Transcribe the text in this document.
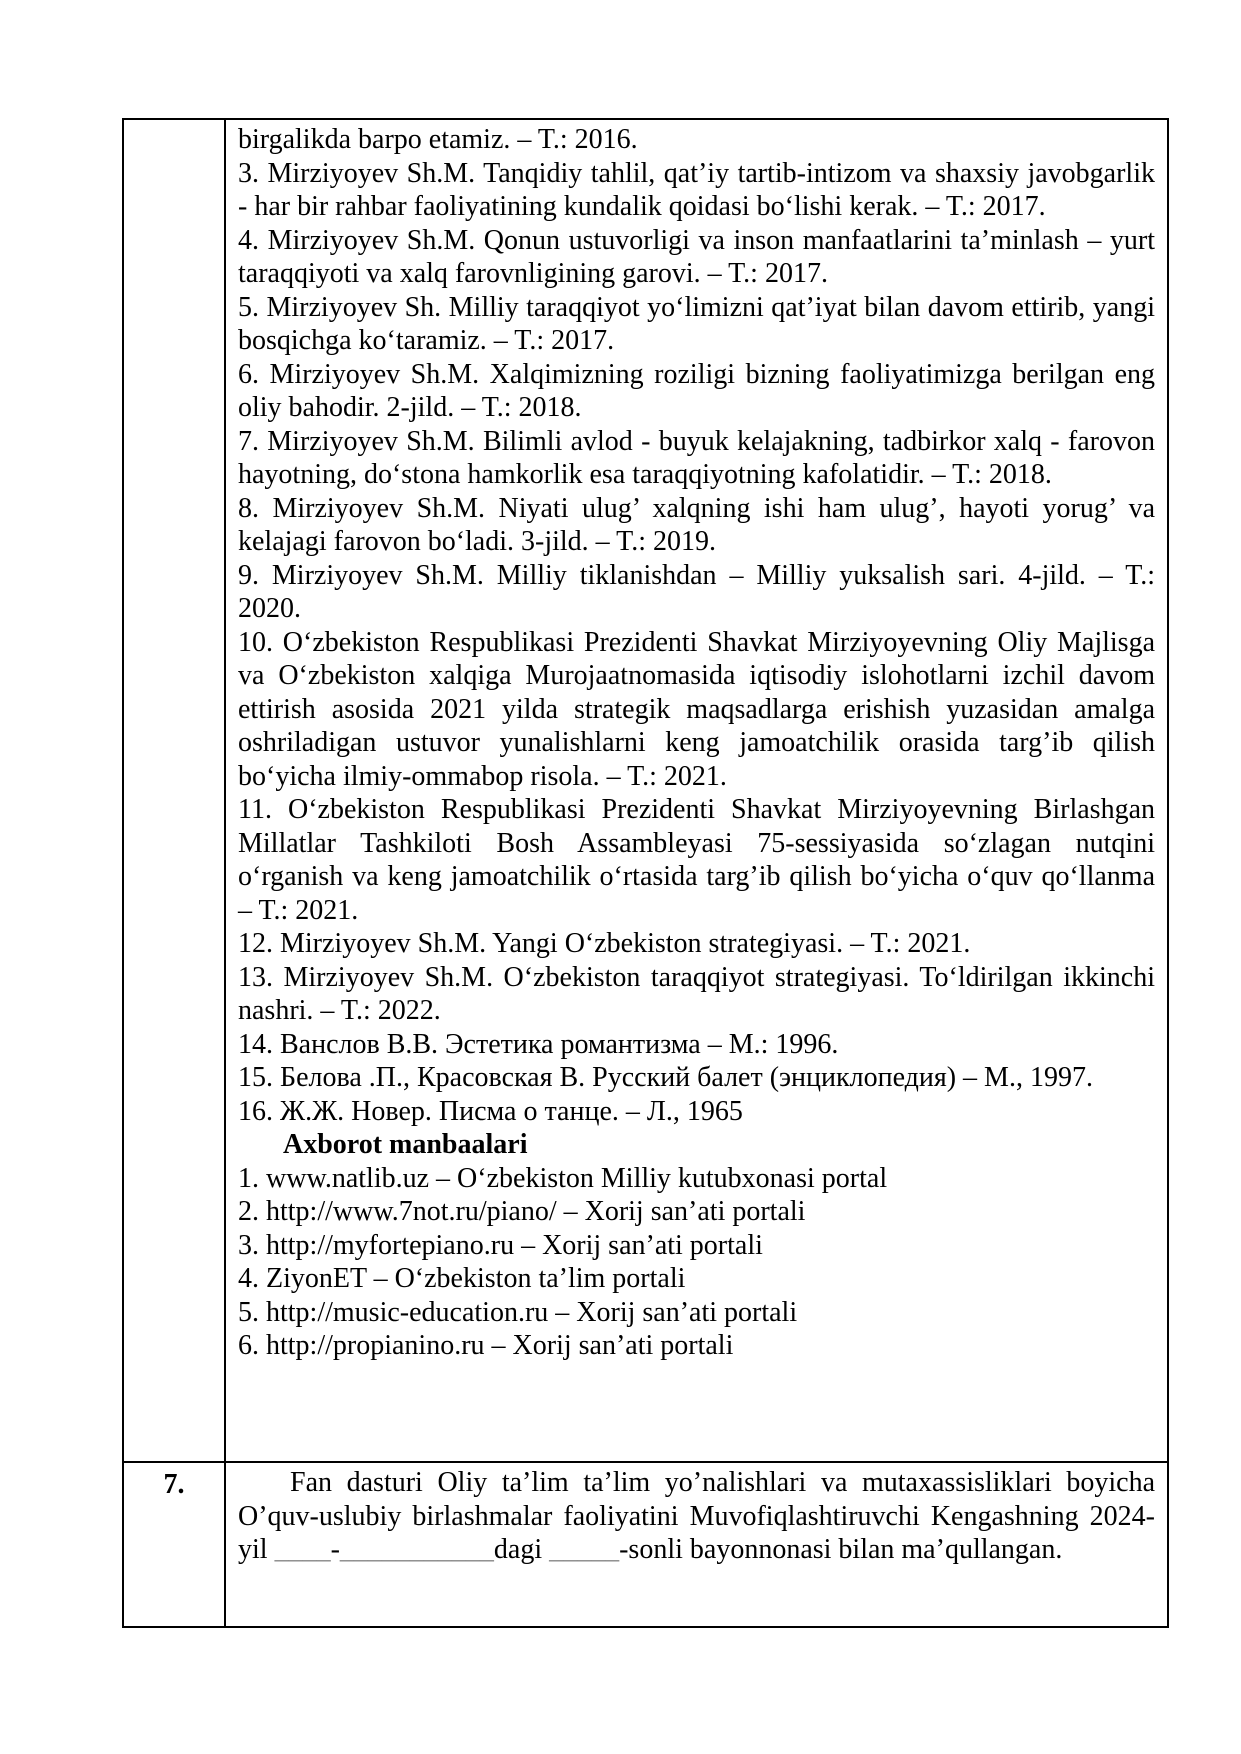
birgalikda barpo etamiz. – T.: 2016.

3. Mirziyoyev Sh.M. Tanqidiy tahlil, qat’iy tartib-intizom va shaxsiy javobgarlik - har bir rahbar faoliyatining kundalik qoidasi bo‘lishi kerak. – T.: 2017.

4. Mirziyoyev Sh.M. Qonun ustuvorligi va inson manfaatlarini ta’minlash – yurt taraqqiyoti va xalq farovnligining garovi. – T.: 2017.

5. Mirziyoyev Sh. Milliy taraqqiyot yo‘limizni qat’iyat bilan davom ettirib, yangi bosqichga ko‘taramiz. – T.: 2017.

6. Mirziyoyev Sh.M. Xalqimizning roziligi bizning faoliyatimizga berilgan eng oliy bahodir. 2-jild. – T.: 2018.

7. Mirziyoyev Sh.M. Bilimli avlod - buyuk kelajakning, tadbirkor xalq - farovon hayotning, do‘stona hamkorlik esa taraqqiyotning kafolatidir. – T.: 2018.

8. Mirziyoyev Sh.M. Niyati ulug’ xalqning ishi ham ulug’, hayoti yorug’ va kelajagi farovon bo‘ladi. 3-jild. – T.: 2019.

9. Mirziyoyev Sh.M. Milliy tiklanishdan – Milliy yuksalish sari. 4-jild. – T.: 2020.

10. O‘zbekiston Respublikasi Prezidenti Shavkat Mirziyoyevning Oliy Majlisga va O‘zbekiston xalqiga Murojaatnomasida iqtisodiy islohotlarni izchil davom ettirish asosida 2021 yilda strategik maqsadlarga erishish yuzasidan amalga oshriladigan ustuvor yunalishlarni keng jamoatchilik orasida targ’ib qilish bo‘yicha ilmiy-ommabop risola. – T.: 2021.

11. O‘zbekiston Respublikasi Prezidenti Shavkat Mirziyoyevning Birlashgan Millatlar Tashkiloti Bosh Assambleyasi 75-sessiyasida so‘zlagan nutqini o‘rganish va keng jamoatchilik o‘rtasida targ’ib qilish bo‘yicha o‘quv qo‘llanma – T.: 2021.

12. Mirziyoyev Sh.M. Yangi O‘zbekiston strategiyasi. – T.: 2021.

13. Mirziyoyev Sh.M. O‘zbekiston taraqqiyot strategiyasi. To‘ldirilgan ikkinchi nashri. – T.: 2022.

14. Ванслов В.В. Эстетика романтизма – М.: 1996.

15. Белова .П., Красовская В. Русский балет (энциклопедия) – М., 1997.

16. Ж.Ж. Новер. Писма о танце. – Л., 1965

Axborot manbaalari

1. www.natlib.uz – O‘zbekiston Milliy kutubxonasi portal

2. http://www.7not.ru/piano/ – Xorij san’ati portali

3. http://myfortepiano.ru – Xorij san’ati portali

4. ZiyonET – O‘zbekiston ta’lim portali

5. http://music-education.ru – Xorij san’ati portali

6. http://propianino.ru – Xorij san’ati portali

7.	Fan dasturi Oliy ta’lim ta’lim yo’nalishlari va mutaxassisliklari boyicha O’quv-uslubiy birlashmalar faoliyatini Muvofiqlashtiruvchi Kengashning 2024-yil ____-___________dagi _____-sonli bayonnonasi bilan ma’qullangan.
